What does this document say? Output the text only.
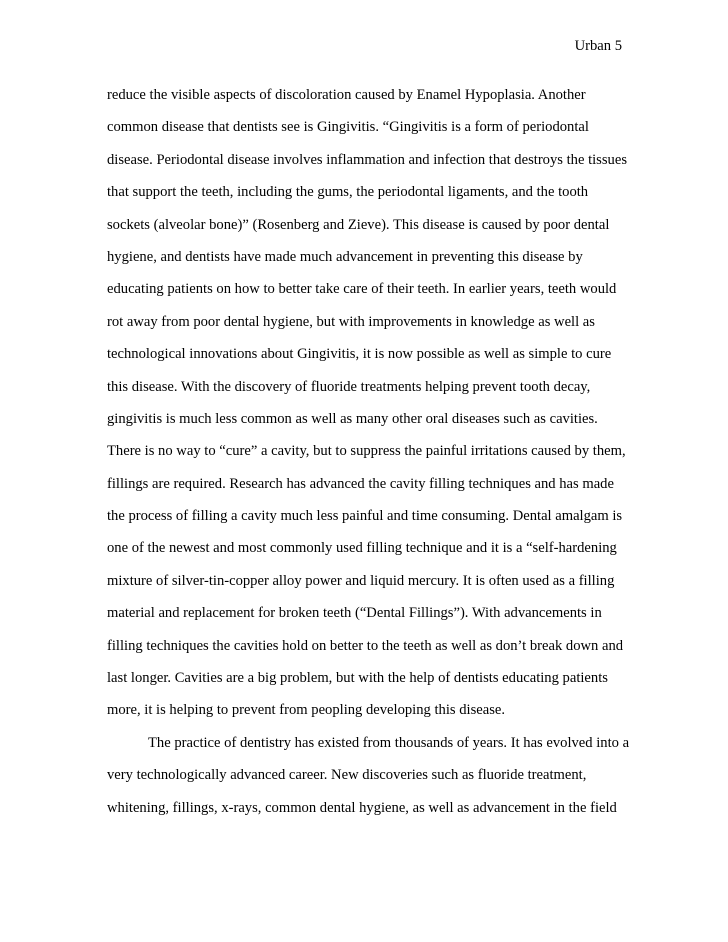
Urban 5
reduce the visible aspects of discoloration caused by Enamel Hypoplasia. Another
common disease that dentists see is Gingivitis. “Gingivitis is a form of periodontal
disease. Periodontal disease involves inflammation and infection that destroys the tissues
that support the teeth, including the gums, the periodontal ligaments, and the tooth
sockets (alveolar bone)” (Rosenberg and Zieve). This disease is caused by poor dental
hygiene, and dentists have made much advancement in preventing this disease by
educating patients on how to better take care of their teeth. In earlier years, teeth would
rot away from poor dental hygiene, but with improvements in knowledge as well as
technological innovations about Gingivitis, it is now possible as well as simple to cure
this disease. With the discovery of fluoride treatments helping prevent tooth decay,
gingivitis is much less common as well as many other oral diseases such as cavities.
There is no way to “cure” a cavity, but to suppress the painful irritations caused by them,
fillings are required. Research has advanced the cavity filling techniques and has made
the process of filling a cavity much less painful and time consuming. Dental amalgam is
one of the newest and most commonly used filling technique and it is a “self-hardening
mixture of silver-tin-copper alloy power and liquid mercury. It is often used as a filling
material and replacement for broken teeth (“Dental Fillings”). With advancements in
filling techniques the cavities hold on better to the teeth as well as don’t break down and
last longer. Cavities are a big problem, but with the help of dentists educating patients
more, it is helping to prevent from peopling developing this disease.
The practice of dentistry has existed from thousands of years. It has evolved into a
very technologically advanced career. New discoveries such as fluoride treatment,
whitening, fillings, x-rays, common dental hygiene, as well as advancement in the field
